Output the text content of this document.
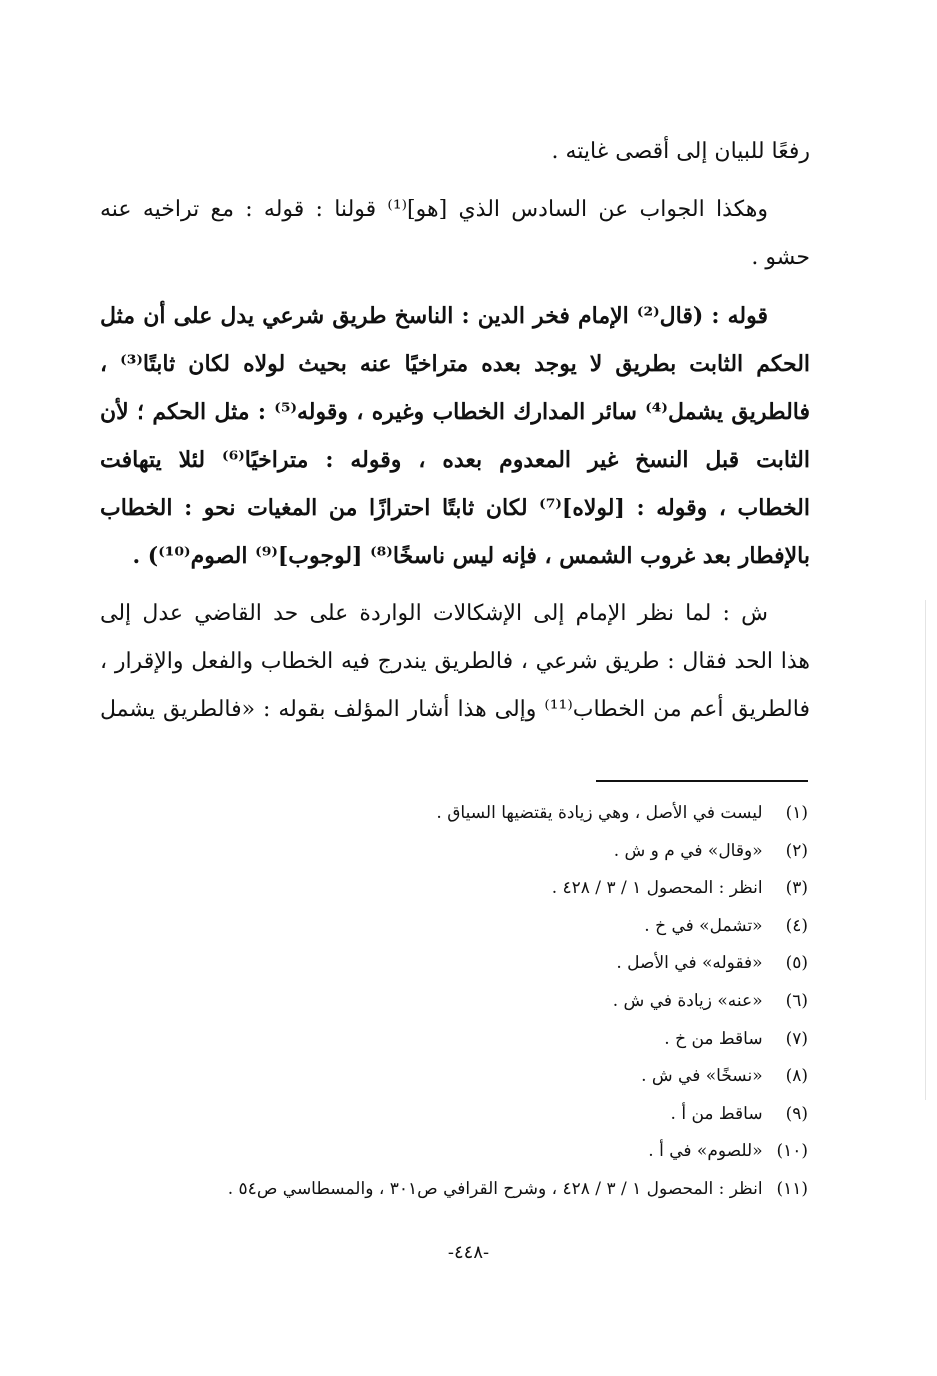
رفعًا للبيان إلى أقصى غايته .
وهكذا الجواب عن السادس الذي [هو]⁽¹⁾ قولنا : قوله : مع تراخيه عنه
حشو .
قوله : (قال⁽²⁾ الإمام فخر الدين : الناسخ طريق شرعي يدل على أن مثل
الحكم الثابت بطريق لا يوجد بعده متراخيًا عنه بحيث لولاه لكان ثابتًا⁽³⁾ ،
فالطريق يشمل⁽⁴⁾ سائر المدارك الخطاب وغيره ، وقوله⁽⁵⁾ : مثل الحكم ؛ لأن
الثابت قبل النسخ غير المعدوم بعده ، وقوله : متراخيًا⁽⁶⁾ لئلا يتهافت
الخطاب ، وقوله : [لولاه]⁽⁷⁾ لكان ثابتًا احترازًا من المغيات نحو : الخطاب
بالإفطار بعد غروب الشمس ، فإنه ليس ناسخًا⁽⁸⁾ [لوجوب]⁽⁹⁾ الصوم⁽¹⁰⁾) .
ش : لما نظر الإمام إلى الإشكالات الواردة على حد القاضي عدل إلى
هذا الحد فقال : طريق شرعي ، فالطريق يندرج فيه الخطاب والفعل والإقرار ،
فالطريق أعم من الخطاب⁽¹¹⁾ وإلى هذا أشار المؤلف بقوله : «فالطريق يشمل
(١) ليست في الأصل ، وهي زيادة يقتضيها السياق .
(٢) «وقال» في م و ش .
(٣) انظر : المحصول ١ / ٣ / ٤٢٨ .
(٤) «تشمل» في خ .
(٥) «فقوله» في الأصل .
(٦) «عنه» زيادة في ش .
(٧) ساقط من خ .
(٨) «نسخًا» في ش .
(٩) ساقط من أ .
(١٠) «للصوم» في أ .
(١١) انظر : المحصول ١ / ٣ / ٤٢٨ ، وشرح القرافي ص٣٠١ ، والمسطاسي ص٥٤ .
-٤٤٨-
